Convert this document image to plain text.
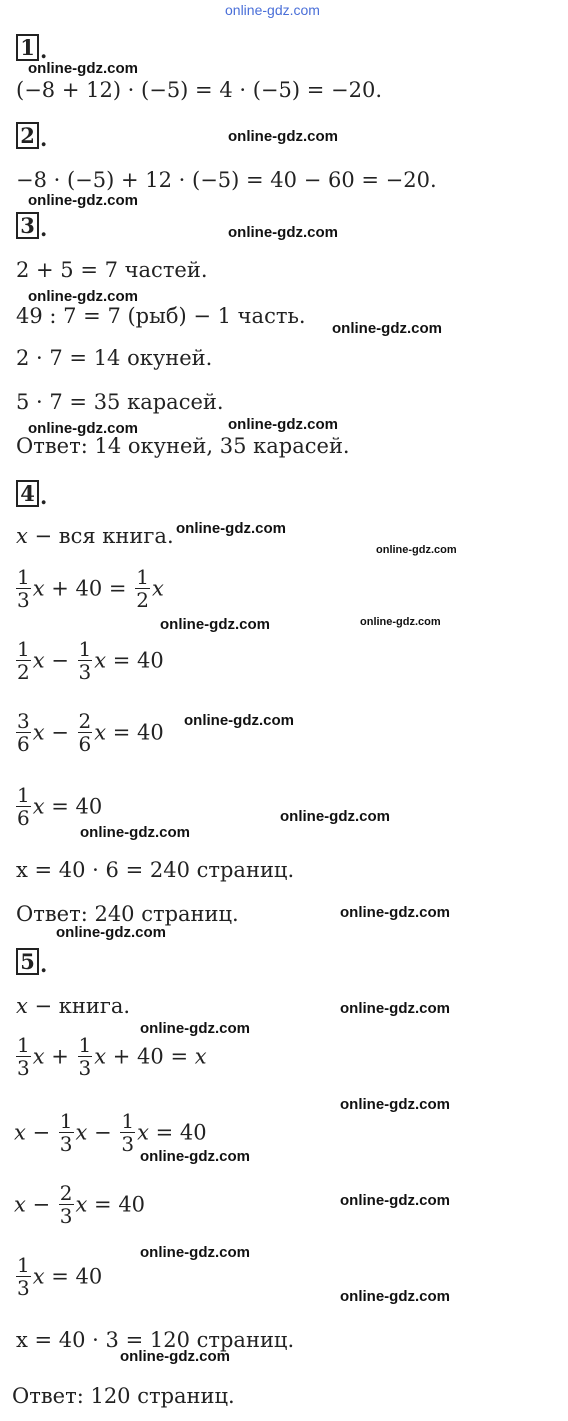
online-gdz.com
1 .
online-gdz.com
(−8 + 12) · (−5) = 4 · (−5) = −20.
2 .	online-gdz.com
−8 · (−5) + 12 · (−5) = 40 − 60 = −20.
online-gdz.com
3 .	online-gdz.com
2 + 5 = 7 частей.
online-gdz.com
49 : 7 = 7 (рыб) − 1 часть.
online-gdz.com
2 · 7 = 14 окуней.
5 · 7 = 35 карасей.
online-gdz.com	online-gdz.com
Ответ: 14 окуней, 35 карасей.
4 .
x − вся книга. online-gdz.com
online-gdz.com
$\frac{1}{3}$ $x + 40 = \frac{1}{2}$ x
online-gdz.com	online-gdz.com
$\frac{1}{2}$ $x - \frac{1}{3}$ x = 40
$\frac{3}{6}$ $x - \frac{2}{6}$ x = 40 online-gdz.com
$\frac{1}{6}$ x = 40	online-gdz.com
online-gdz.com
x = 40 · 6 = 240 страниц.
Ответ: 240 страниц.	online-gdz.com
online-gdz.com
5 .
x − книга.	online-gdz.com
online-gdz.com
$\frac{1}{3}$ $x + \frac{1}{3}$ x + 40 = x
online-gdz.com
$x - \frac{1}{3}$ $x - \frac{1}{3}$ x = 40
online-gdz.com
$x - \frac{2}{3}$ x = 40	online-gdz.com
online-gdz.com
$\frac{1}{3}$ x = 40
online-gdz.com
x = 40 · 3 = 120 страниц.
online-gdz.com
Ответ: 120 страниц.
